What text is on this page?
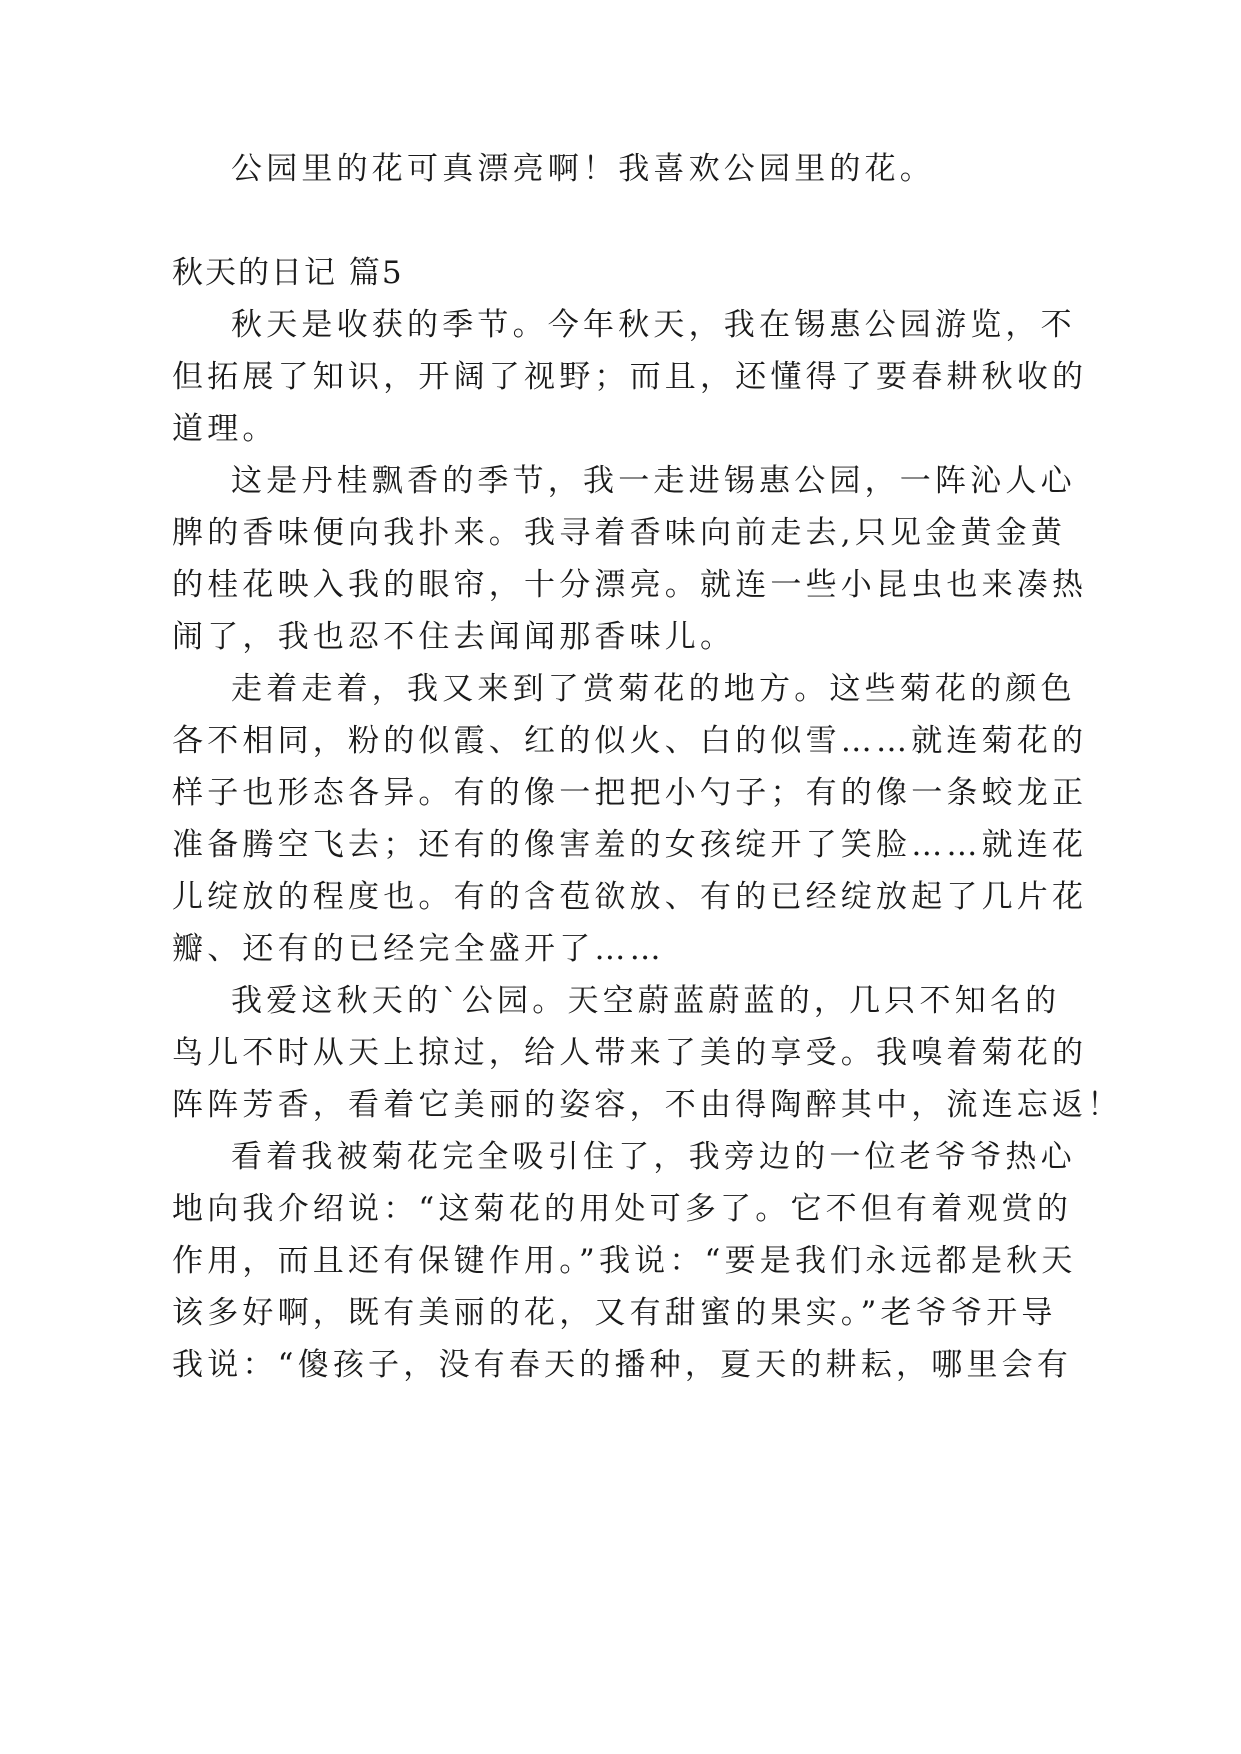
公园里的花可真漂亮啊！我喜欢公园里的花。
秋天的日记 篇5
秋天是收获的季节。今年秋天，我在锡惠公园游览，不
但拓展了知识，开阔了视野；而且，还懂得了要春耕秋收的
道理。
这是丹桂飘香的季节，我一走进锡惠公园，一阵沁人心
脾的香味便向我扑来。我寻着香味向前走去,只见金黄金黄
的桂花映入我的眼帘，十分漂亮。就连一些小昆虫也来凑热
闹了，我也忍不住去闻闻那香味儿。
走着走着，我又来到了赏菊花的地方。这些菊花的颜色
各不相同，粉的似霞、红的似火、白的似雪……就连菊花的
样子也形态各异。有的像一把把小勺子；有的像一条蛟龙正
准备腾空飞去；还有的像害羞的女孩绽开了笑脸……就连花
儿绽放的程度也。有的含苞欲放、有的已经绽放起了几片花
瓣、还有的已经完全盛开了……
我爱这秋天的`公园。天空蔚蓝蔚蓝的，几只不知名的
鸟儿不时从天上掠过，给人带来了美的享受。我嗅着菊花的
阵阵芳香，看着它美丽的姿容，不由得陶醉其中，流连忘返！
看着我被菊花完全吸引住了，我旁边的一位老爷爷热心
地向我介绍说：“这菊花的用处可多了。它不但有着观赏的
作用，而且还有保键作用。”我说：“要是我们永远都是秋天
该多好啊，既有美丽的花，又有甜蜜的果实。”老爷爷开导
我说：“傻孩子，没有春天的播种，夏天的耕耘，哪里会有
